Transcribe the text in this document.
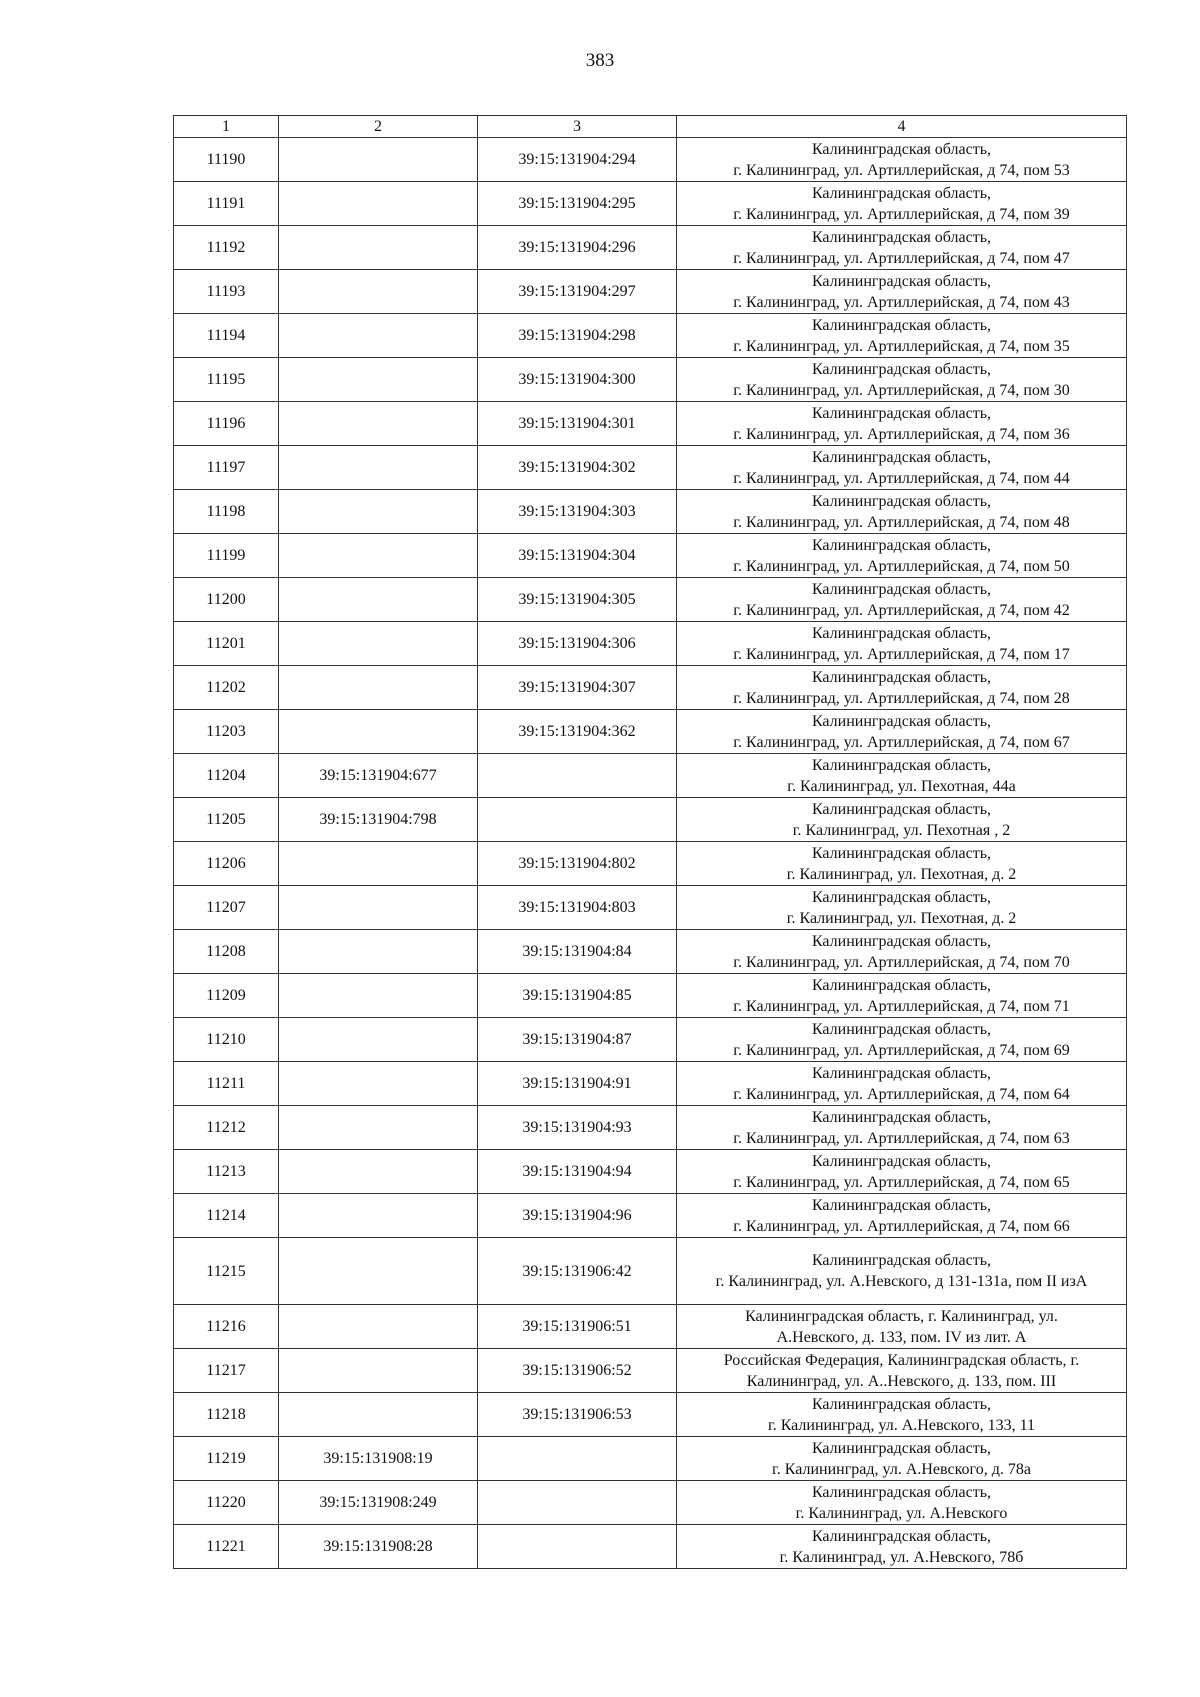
383
1	2	3	4
11190		39:15:131904:294	Калининградская область,
г. Калининград, ул. Артиллерийская, д 74, пом 53

11191		39:15:131904:295	Калининградская область,
г. Калининград, ул. Артиллерийская, д 74, пом 39

11192		39:15:131904:296	Калининградская область,
г. Калининград, ул. Артиллерийская, д 74, пом 47

11193		39:15:131904:297	Калининградская область,
г. Калининград, ул. Артиллерийская, д 74, пом 43

11194		39:15:131904:298	Калининградская область,
г. Калининград, ул. Артиллерийская, д 74, пом 35

11195		39:15:131904:300	Калининградская область,
г. Калининград, ул. Артиллерийская, д 74, пом 30

11196		39:15:131904:301	Калининградская область,
г. Калининград, ул. Артиллерийская, д 74, пом 36

11197		39:15:131904:302	Калининградская область,
г. Калининград, ул. Артиллерийская, д 74, пом 44

11198		39:15:131904:303	Калининградская область,
г. Калининград, ул. Артиллерийская, д 74, пом 48

11199		39:15:131904:304	Калининградская область,
г. Калининград, ул. Артиллерийская, д 74, пом 50

11200		39:15:131904:305	Калининградская область,
г. Калининград, ул. Артиллерийская, д 74, пом 42

11201		39:15:131904:306	Калининградская область,
г. Калининград, ул. Артиллерийская, д 74, пом 17

11202		39:15:131904:307	Калининградская область,
г. Калининград, ул. Артиллерийская, д 74, пом 28

11203		39:15:131904:362	Калининградская область,
г. Калининград, ул. Артиллерийская, д 74, пом 67

11204	39:15:131904:677		Калининградская область,
г. Калининград, ул. Пехотная, 44а

11205	39:15:131904:798		Калининградская область,
г. Калининград, ул. Пехотная , 2

11206		39:15:131904:802	Калининградская область,
г. Калининград, ул. Пехотная, д. 2

11207		39:15:131904:803	Калининградская область,
г. Калининград, ул. Пехотная, д. 2

11208		39:15:131904:84	Калининградская область,
г. Калининград, ул. Артиллерийская, д 74, пом 70

11209		39:15:131904:85	Калининградская область,
г. Калининград, ул. Артиллерийская, д 74, пом 71

11210		39:15:131904:87	Калининградская область,
г. Калининград, ул. Артиллерийская, д 74, пом 69

11211		39:15:131904:91	Калининградская область,
г. Калининград, ул. Артиллерийская, д 74, пом 64

11212		39:15:131904:93	Калининградская область,
г. Калининград, ул. Артиллерийская, д 74, пом 63

11213		39:15:131904:94	Калининградская область,
г. Калининград, ул. Артиллерийская, д 74, пом 65

11214		39:15:131904:96	Калининградская область,
г. Калининград, ул. Артиллерийская, д 74, пом 66

11215		39:15:131906:42	Калининградская область,
г. Калининград, ул. А.Невского, д 131-131а, пом II изА

11216		39:15:131906:51	Калининградская область, г. Калининград, ул.
А.Невского, д. 133, пом. IV из лит. А

11217		39:15:131906:52	Российская Федерация, Калининградская область, г.
Калининград, ул. А..Невского, д. 133, пом. III

11218		39:15:131906:53	Калининградская область,
г. Калининград, ул. А.Невского, 133, 11

11219	39:15:131908:19		Калининградская область,
г. Калининград, ул. А.Невского, д. 78а

11220	39:15:131908:249		Калининградская область,
г. Калининград, ул. А.Невского

11221	39:15:131908:28		Калининградская область,
г. Калининград, ул. А.Невского, 78б
